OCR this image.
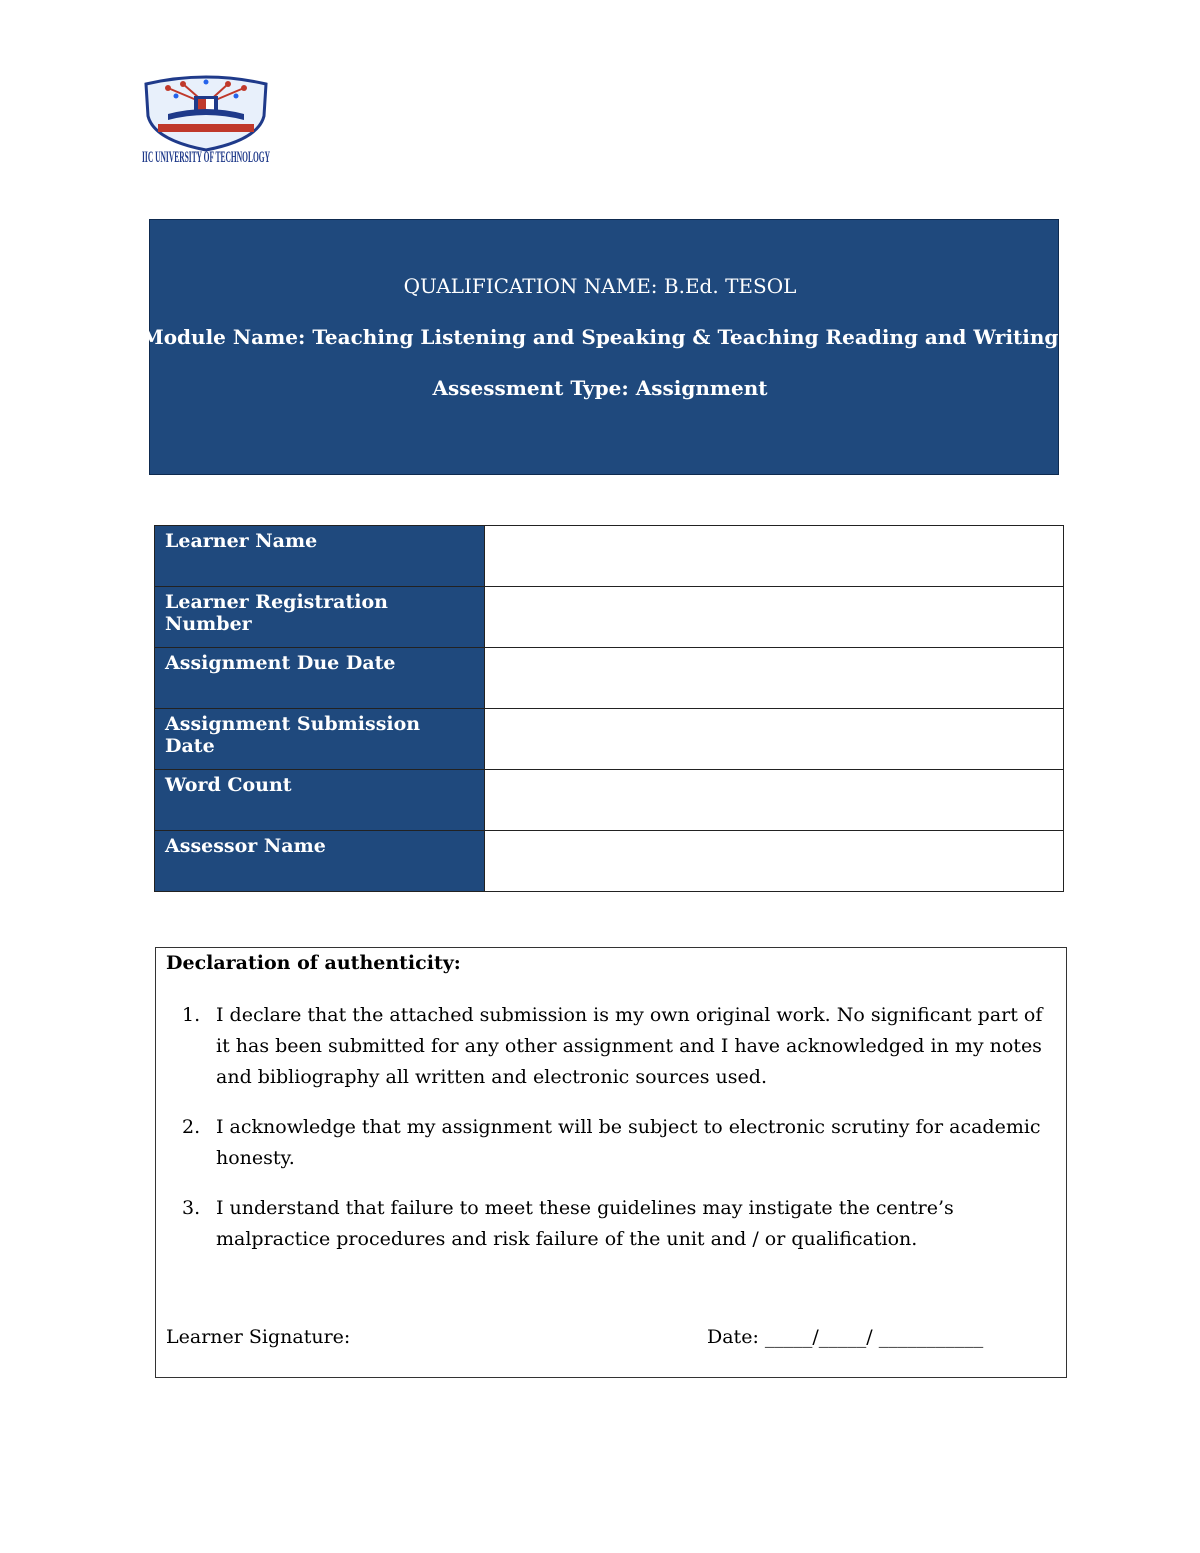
IIC UNIVERSITY OF TECHNOLOGY
QUALIFICATION NAME: B.Ed. TESOL
Module Name: Teaching Listening and Speaking & Teaching Reading and Writing
Assessment Type: Assignment
Learner Name	
Learner Registration Number	
Assignment Due Date	
Assignment Submission Date	
Word Count	
Assessor Name	
Declaration of authenticity:
1. I declare that the attached submission is my own original work. No significant part of it has been submitted for any other assignment and I have acknowledged in my notes and bibliography all written and electronic sources used.
2. I acknowledge that my assignment will be subject to electronic scrutiny for academic honesty.
3. I understand that failure to meet these guidelines may instigate the centre’s malpractice procedures and risk failure of the unit and / or qualification.
Learner Signature:	Date: _____/_____/ ___________
